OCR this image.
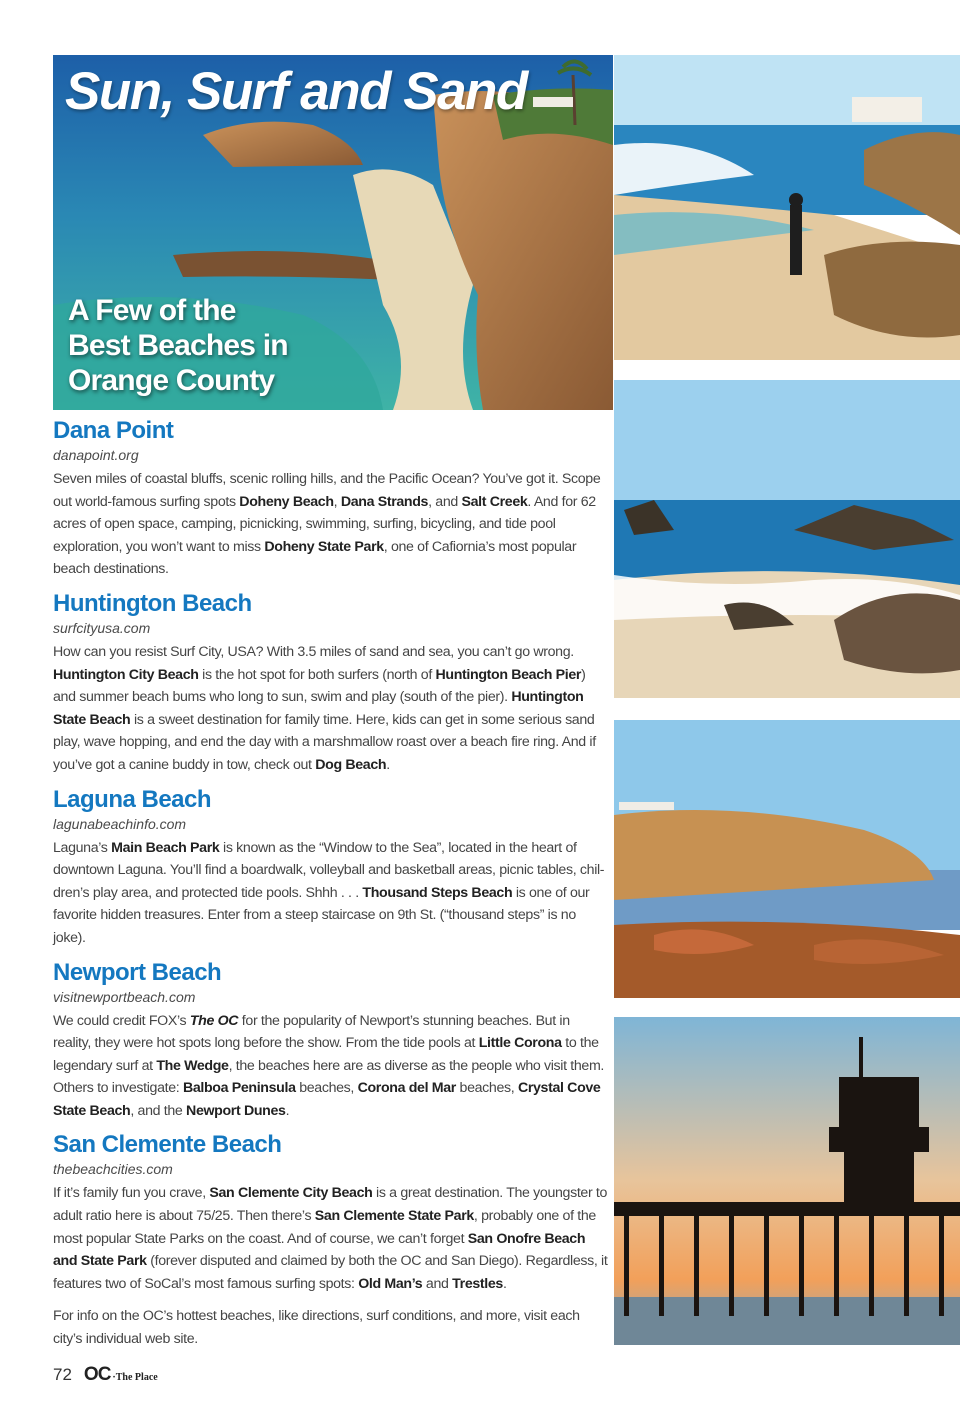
Sun, Surf and Sand
A Few of the
Best Beaches in
Orange County
Dana Point
danapoint.org

Seven miles of coastal bluffs, scenic rolling hills, and the Pacific Ocean? You’ve got it. Scope out world-famous surfing spots Doheny Beach, Dana Strands, and Salt Creek. And for 62 acres of open space, camping, picnicking, swimming, surfing, bicycling, and tide pool exploration, you won’t want to miss Doheny State Park, one of Cafiornia’s most popular beach destinations.

Huntington Beach
surfcityusa.com

How can you resist Surf City, USA? With 3.5 miles of sand and sea, you can’t go wrong. Huntington City Beach is the hot spot for both surfers (north of Huntington Beach Pier) and summer beach bums who long to sun, swim and play (south of the pier). Huntington State Beach is a sweet destination for family time. Here, kids can get in some serious sand play, wave hopping, and end the day with a marshmallow roast over a beach fire ring. And if you’ve got a canine buddy in tow, check out Dog Beach.

Laguna Beach
lagunabeachinfo.com

Laguna’s Main Beach Park is known as the “Window to the Sea”, located in the heart of downtown Laguna. You’ll find a boardwalk, volleyball and basketball areas, picnic tables, chil-dren’s play area, and protected tide pools. Shhh . . . Thousand Steps Beach is one of our favorite hidden treasures. Enter from a steep staircase on 9th St. (“thousand steps” is no joke).

Newport Beach
visitnewportbeach.com

We could credit FOX’s The OC for the popularity of Newport’s stunning beaches. But in reality, they were hot spots long before the show. From the tide pools at Little Corona to the legendary surf at The Wedge, the beaches here are as diverse as the people who visit them. Others to investigate: Balboa Peninsula beaches, Corona del Mar beaches, Crystal Cove State Beach, and the Newport Dunes.

San Clemente Beach
thebeachcities.com

If it’s family fun you crave, San Clemente City Beach is a great destination. The youngster to adult ratio here is about 75/25. Then there’s San Clemente State Park, probably one of the most popular State Parks on the coast. And of course, we can’t forget San Onofre Beach and State Park (forever disputed and claimed by both the OC and San Diego). Regardless, it features two of SoCal’s most famous surfing spots: Old Man’s and Trestles.

For info on the OC’s hottest beaches, like directions, surf conditions, and more, visit each city’s individual web site.

72 OC ·The Place
